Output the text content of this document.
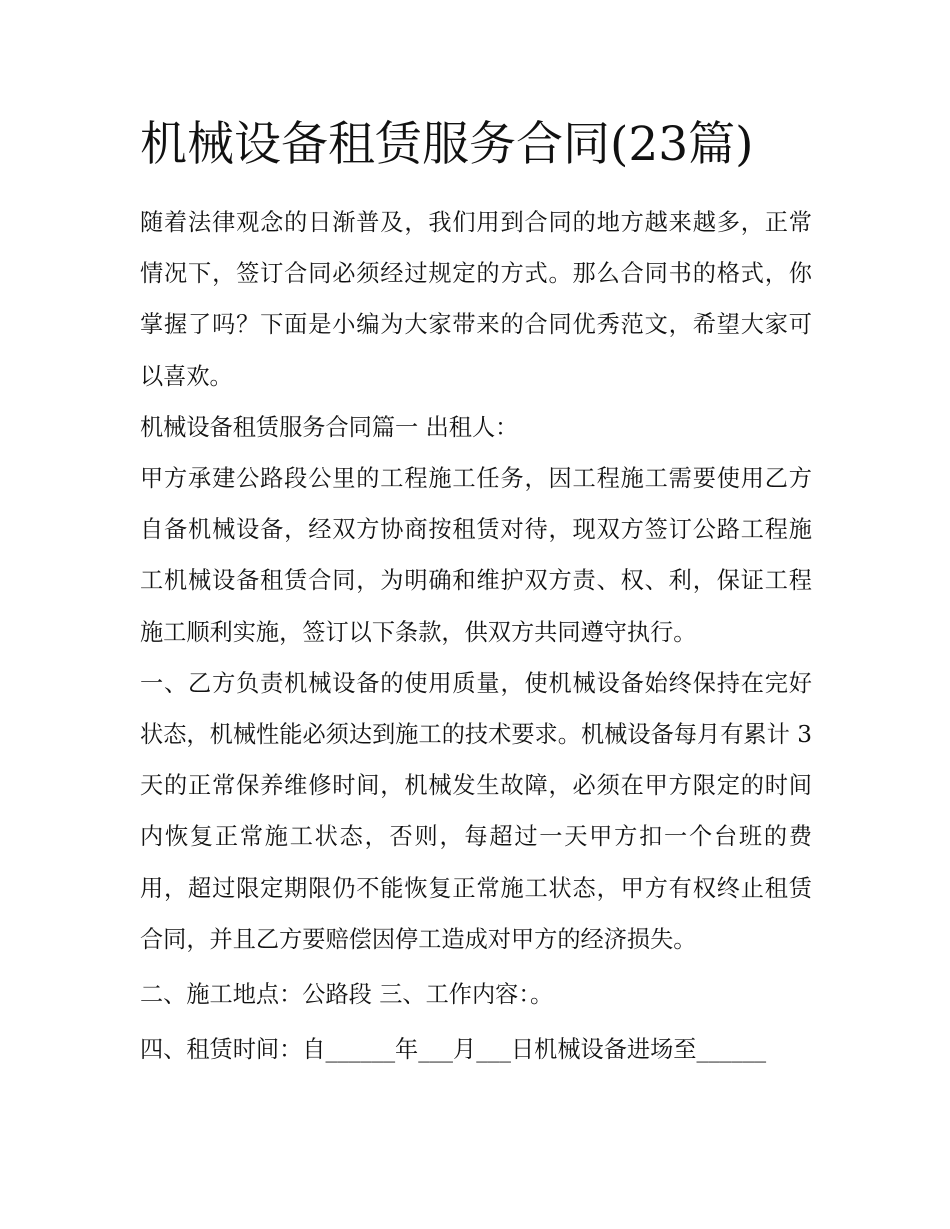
机械设备租赁服务合同(23篇)

随着法律观念的日渐普及，我们用到合同的地方越来越多，正常情况下，签订合同必须经过规定的方式。那么合同书的格式，你掌握了吗？下面是小编为大家带来的合同优秀范文，希望大家可以喜欢。

机械设备租赁服务合同篇一 出租人：

甲方承建公路段公里的工程施工任务，因工程施工需要使用乙方自备机械设备，经双方协商按租赁对待，现双方签订公路工程施工机械设备租赁合同，为明确和维护双方责、权、利，保证工程施工顺利实施，签订以下条款，供双方共同遵守执行。

一、乙方负责机械设备的使用质量，使机械设备始终保持在完好状态，机械性能必须达到施工的技术要求。机械设备每月有累计 3 天的正常保养维修时间，机械发生故障，必须在甲方限定的时间内恢复正常施工状态，否则，每超过一天甲方扣一个台班的费用，超过限定期限仍不能恢复正常施工状态，甲方有权终止租赁合同，并且乙方要赔偿因停工造成对甲方的经济损失。

二、施工地点：公路段 三、工作内容：。

四、租赁时间：自______年___月___日机械设备进场至______
